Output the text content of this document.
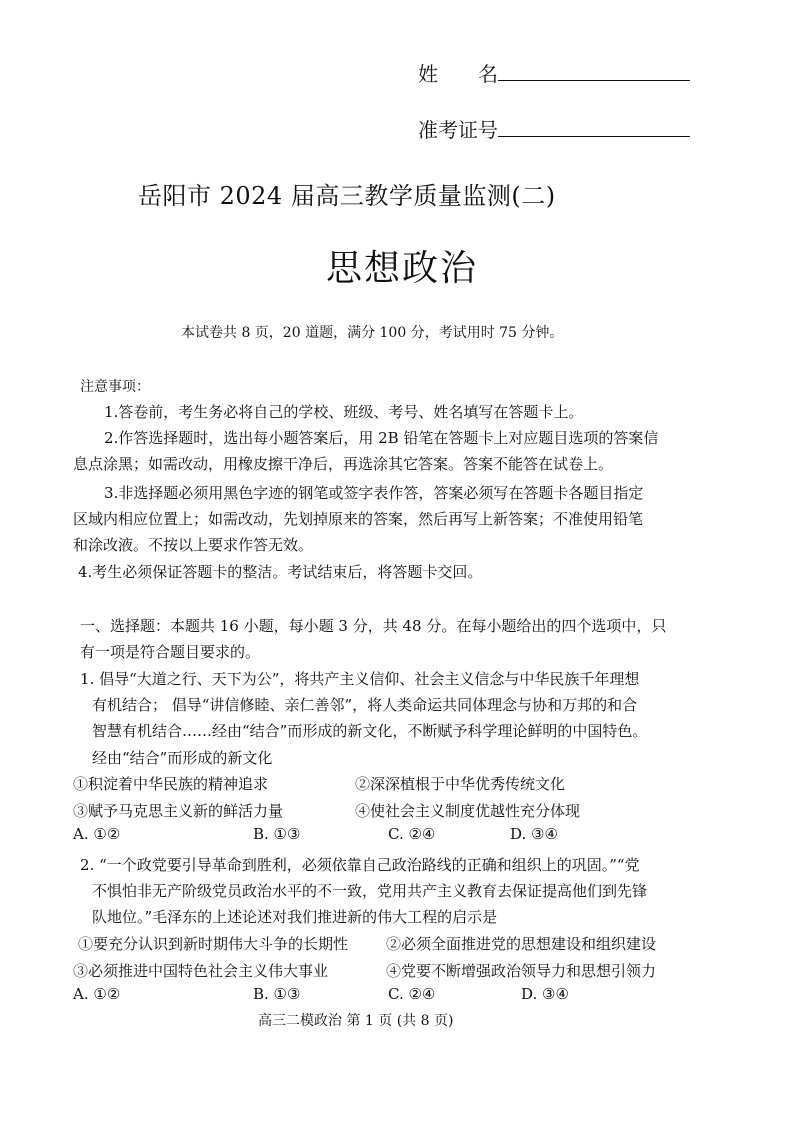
姓　　名
准考证号
岳阳市 2024 届高三教学质量监测(二)
思想政治
本试卷共 8 页，20 道题，满分 100 分，考试用时 75 分钟。
注意事项：
1.答卷前，考生务必将自己的学校、班级、考号、姓名填写在答题卡上。
2.作答选择题时，选出每小题答案后，用 2B 铅笔在答题卡上对应题目选项的答案信
息点涂黑；如需改动，用橡皮擦干净后，再选涂其它答案。答案不能答在试卷上。
3.非选择题必须用黑色字迹的钢笔或签字表作答，答案必须写在答题卡各题目指定
区域内相应位置上；如需改动，先划掉原来的答案，然后再写上新答案；不准使用铅笔
和涂改液。不按以上要求作答无效。
4.考生必须保证答题卡的整洁。考试结束后，将答题卡交回。
一、选择题：本题共 16 小题，每小题 3 分，共 48 分。在每小题给出的四个选项中，只
有一项是符合题目要求的。
1. 倡导“大道之行、天下为公”，将共产主义信仰、社会主义信念与中华民族千年理想
有机结合； 倡导“讲信修睦、亲仁善邻”，将人类命运共同体理念与协和万邦的和合
智慧有机结合……经由“结合”而形成的新文化，不断赋予科学理论鲜明的中国特色。
经由“结合”而形成的新文化
①积淀着中华民族的精神追求	②深深植根于中华优秀传统文化
③赋予马克思主义新的鲜活力量	④使社会主义制度优越性充分体现
A. ①②	B. ①③	C. ②④	D. ③④
2. “一个政党要引导革命到胜利，必须依靠自己政治路线的正确和组织上的巩固。”“党
不惧怕非无产阶级党员政治水平的不一致，党用共产主义教育去保证提高他们到先锋
队地位。”毛泽东的上述论述对我们推进新的伟大工程的启示是
①要充分认识到新时期伟大斗争的长期性	②必须全面推进党的思想建设和组织建设
③必须推进中国特色社会主义伟大事业	④党要不断增强政治领导力和思想引领力
A. ①②	B. ①③	C. ②④	D. ③④
高三二模政治 第 1 页 (共 8 页)
